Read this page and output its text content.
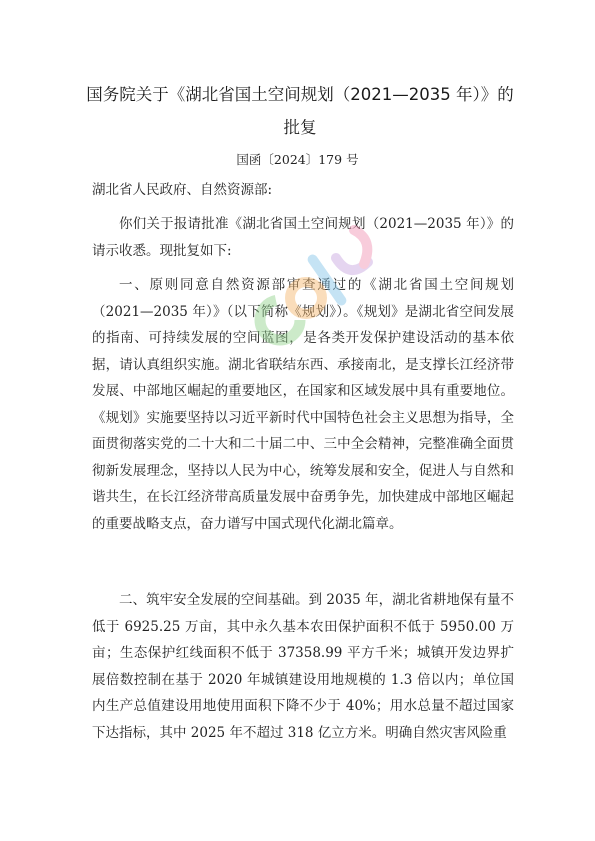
国务院关于《湖北省国土空间规划（2021—2035 年）》的批复
国函〔2024〕179 号
湖北省人民政府、自然资源部:
你们关于报请批准《湖北省国土空间规划（2021—2035 年）》的请示收悉。现批复如下:
一、原则同意自然资源部审查通过的《湖北省国土空间规划（2021—2035 年）》（以下简称《规划》）。《规划》是湖北省空间发展的指南、可持续发展的空间蓝图，是各类开发保护建设活动的基本依据，请认真组织实施。湖北省联结东西、承接南北，是支撑长江经济带发展、中部地区崛起的重要地区，在国家和区域发展中具有重要地位。《规划》实施要坚持以习近平新时代中国特色社会主义思想为指导，全面贯彻落实党的二十大和二十届二中、三中全会精神，完整准确全面贯彻新发展理念，坚持以人民为中心，统筹发展和安全，促进人与自然和谐共生，在长江经济带高质量发展中奋勇争先，加快建成中部地区崛起的重要战略支点，奋力谱写中国式现代化湖北篇章。
二、筑牢安全发展的空间基础。到 2035 年，湖北省耕地保有量不低于 6925.25 万亩，其中永久基本农田保护面积不低于 5950.00 万亩；生态保护红线面积不低于 37358.99 平方千米；城镇开发边界扩展倍数控制在基于 2020 年城镇建设用地规模的 1.3 倍以内；单位国内生产总值建设用地使用面积下降不少于 40%；用水总量不超过国家下达指标，其中 2025 年不超过 318 亿立方米。明确自然灾害风险重
